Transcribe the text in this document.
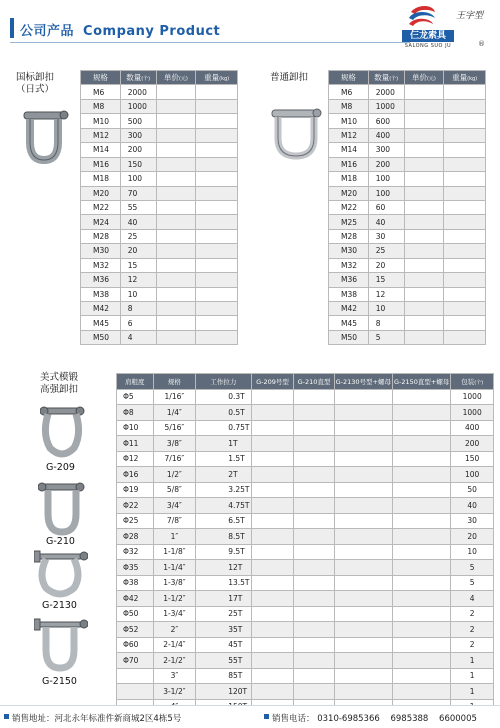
公司产品 Company Product	仨龙索具
SALONG SUO JU
王字型
®
国标卸扣
（日式）
规格	数量(个)	单价(元)	重量(kg)
M6	2000		
M8	1000		
M10	500		
M12	300		
M14	200		
M16	150		
M18	100		
M20	70		
M22	55		
M24	40		
M28	25		
M30	20		
M32	15		
M36	12		
M38	10		
M42	8		
M45	6		
M50	4		
普通卸扣	规格	数量(个)	单价(元)	重量(kg)
M6	2000		
M8	1000		
M10	600		
M12	400		
M14	300		
M16	200		
M18	100		
M20	100		
M22	60		
M25	40		
M28	30		
M30	25		
M32	20		
M36	15		
M38	12		
M42	10		
M45	8		
M50	5		
美式模锻
高强卸扣
G-209
G-210
G-2130
G-2150
肩粗度	规格	工作拉力	G-209号型	G-210直型	G-2130号型+螺母	G-2150直型+螺母	包装(个)
Φ5	1/16″	0.3T					1000
Φ8	1/4″	0.5T					1000
Φ10	5/16″	0.75T					400
Φ11	3/8″	1T					200
Φ12	7/16″	1.5T					150
Φ16	1/2″	2T					100
Φ19	5/8″	3.25T					50
Φ22	3/4″	4.75T					40
Φ25	7/8″	6.5T					30
Φ28	1″	8.5T					20
Φ32	1-1/8″	9.5T					10
Φ35	1-1/4″	12T					5
Φ38	1-3/8″	13.5T					5
Φ42	1-1/2″	17T					4
Φ50	1-3/4″	25T					2
Φ52	2″	35T					2
Φ60	2-1/4″	45T					2
Φ70	2-1/2″	55T					1
	3″	85T					1
	3-1/2″	120T					1

销售地址：河北永年标准件新商城2区4栋5号	销售电话： 0310-6985366 6985388 6600005
